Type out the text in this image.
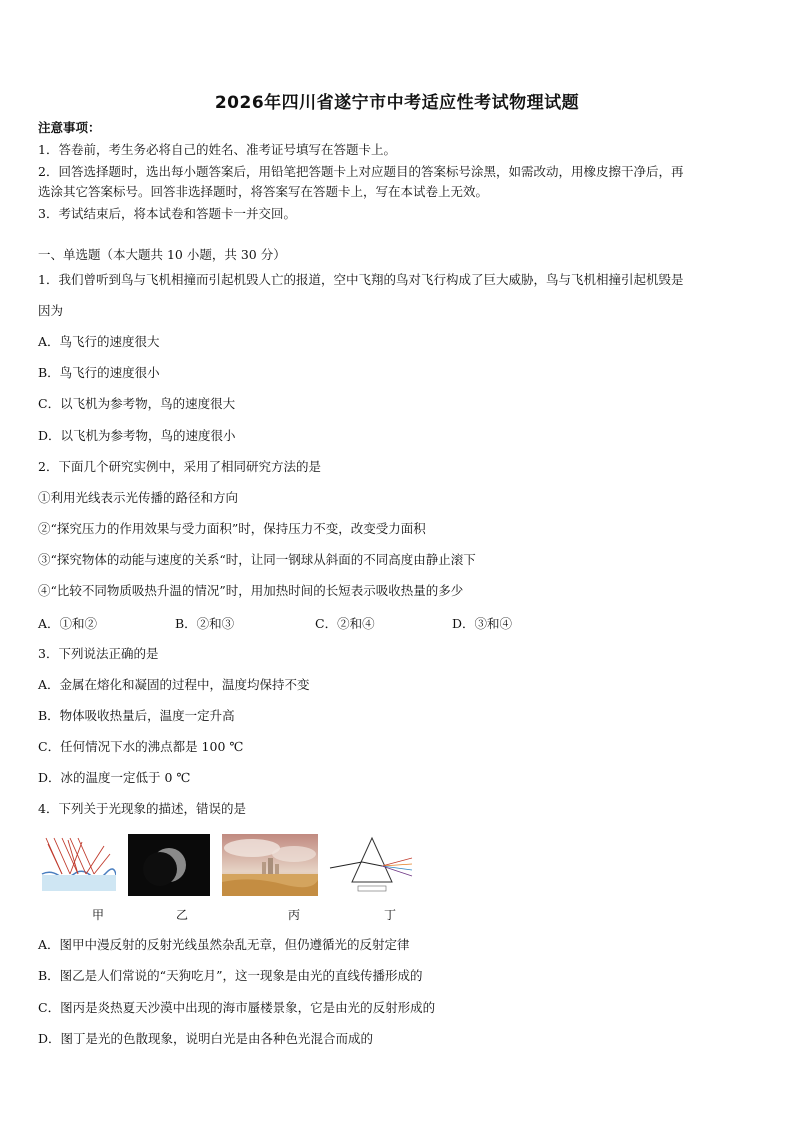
2026年四川省遂宁市中考适应性考试物理试题
注意事项：
1．答卷前，考生务必将自己的姓名、准考证号填写在答题卡上。
2．回答选择题时，选出每小题答案后，用铅笔把答题卡上对应题目的答案标号涂黑，如需改动，用橡皮擦干净后，再
选涂其它答案标号。回答非选择题时，将答案写在答题卡上，写在本试卷上无效。
3．考试结束后，将本试卷和答题卡一并交回。
一、单选题（本大题共 10 小题，共 30 分）
1．我们曾听到鸟与飞机相撞而引起机毁人亡的报道，空中飞翔的鸟对飞行构成了巨大威胁，鸟与飞机相撞引起机毁是
因为
A．鸟飞行的速度很大
B．鸟飞行的速度很小
C．以飞机为参考物，鸟的速度很大
D．以飞机为参考物，鸟的速度很小
2．下面几个研究实例中，采用了相同研究方法的是
①利用光线表示光传播的路径和方向
②“探究压力的作用效果与受力面积”时，保持压力不变，改变受力面积
③“探究物体的动能与速度的关系“时，让同一钢球从斜面的不同高度由静止滚下
④“比较不同物质吸热升温的情况”时，用加热时间的长短表示吸收热量的多少
A．①和②	B．②和③	C．②和④	D．③和④
3．下列说法正确的是
A．金属在熔化和凝固的过程中，温度均保持不变
B．物体吸收热量后，温度一定升高
C．任何情况下水的沸点都是 100 ℃
D．冰的温度一定低于 0 ℃
4．下列关于光现象的描述，错误的是
甲	乙	丙	丁
A．图甲中漫反射的反射光线虽然杂乱无章，但仍遵循光的反射定律
B．图乙是人们常说的“天狗吃月”，这一现象是由光的直线传播形成的
C．图丙是炎热夏天沙漠中出现的海市蜃楼景象，它是由光的反射形成的
D．图丁是光的色散现象，说明白光是由各种色光混合而成的
